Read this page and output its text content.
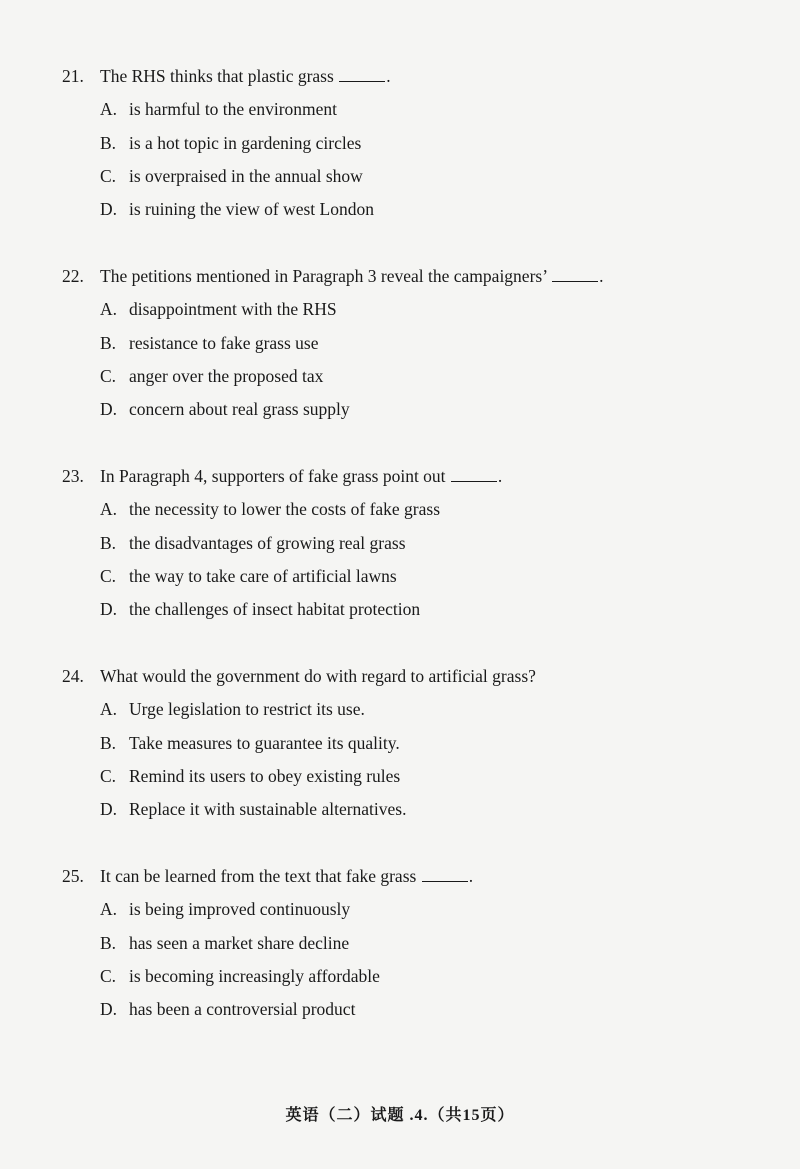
21. The RHS thinks that plastic grass	.
A. is harmful to the environment
B. is a hot topic in gardening circles
C. is overpraised in the annual show
D. is ruining the view of west London
22. The petitions mentioned in Paragraph 3 reveal the campaigners’	.
A. disappointment with the RHS
B. resistance to fake grass use
C. anger over the proposed tax
D. concern about real grass supply
23. In Paragraph 4, supporters of fake grass point out	.
A. the necessity to lower the costs of fake grass
B. the disadvantages of growing real grass
C. the way to take care of artificial lawns
D. the challenges of insect habitat protection
24. What would the government do with regard to artificial grass?
A. Urge legislation to restrict its use.
B. Take measures to guarantee its quality.
C. Remind its users to obey existing rules
D. Replace it with sustainable alternatives.
25. It can be learned from the text that fake grass	.
A. is being improved continuously
B. has seen a market share decline
C. is becoming increasingly affordable
D. has been a controversial product
英语（二）试题 .4.（共15页）
